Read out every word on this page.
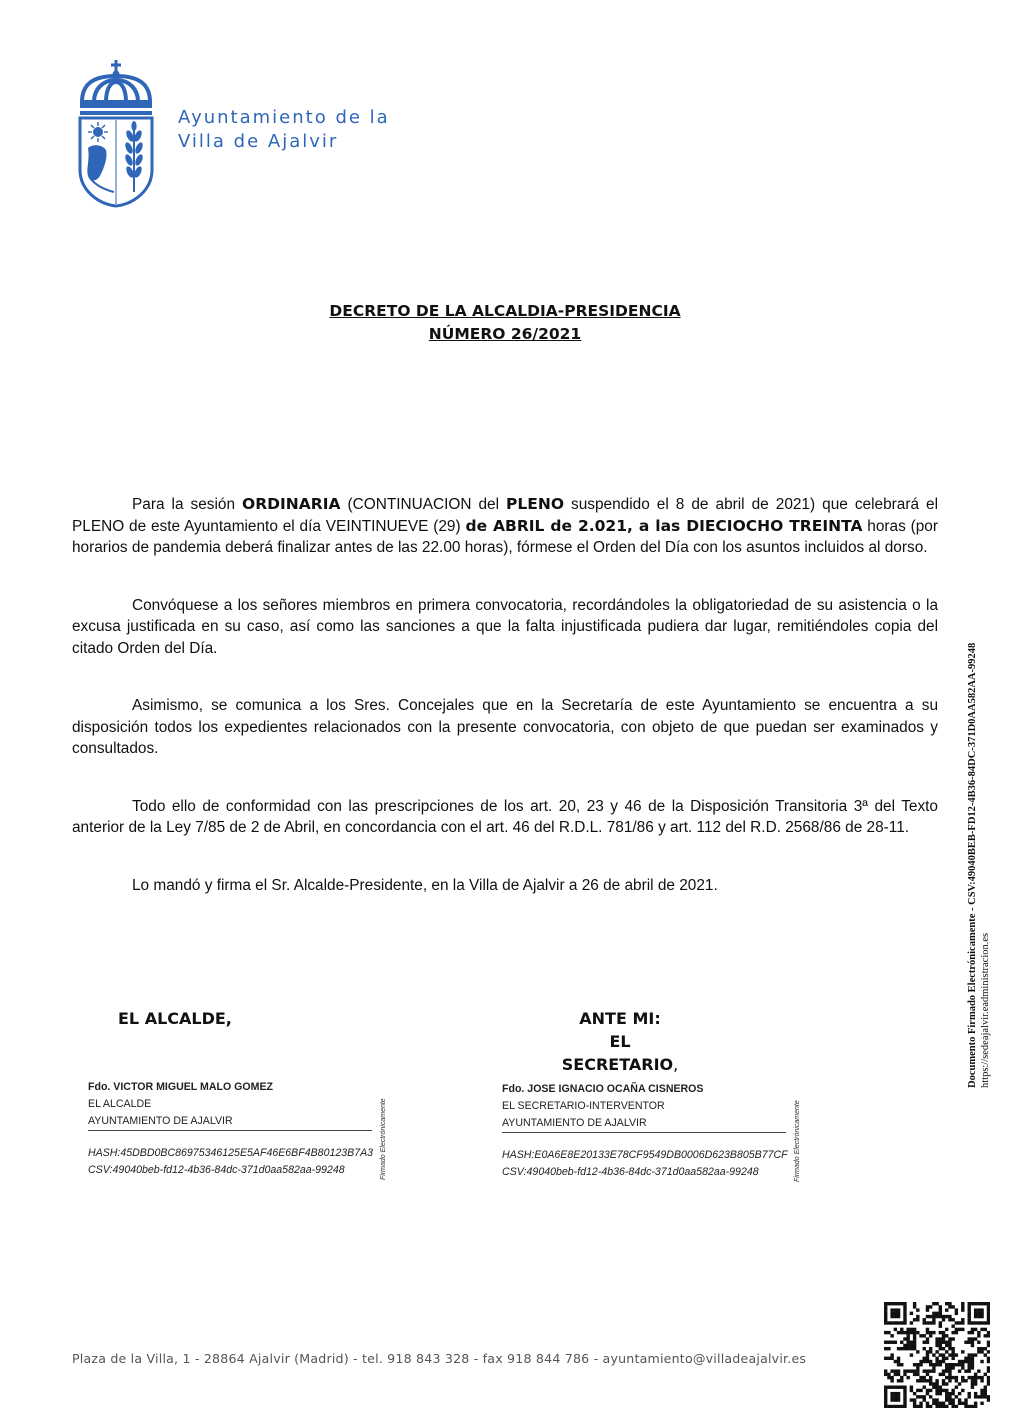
Ayuntamiento de la
Villa de Ajalvir
DECRETO DE LA ALCALDIA-PRESIDENCIA
NÚMERO 26/2021

Para la sesión ORDINARIA (CONTINUACION del PLENO suspendido el 8 de abril de 2021) que celebrará el PLENO de este Ayuntamiento el día VEINTINUEVE (29) de ABRIL de 2.021, a las DIECIOCHO TREINTA horas (por horarios de pandemia deberá finalizar antes de las 22.00 horas), fórmese el Orden del Día con los asuntos incluidos al dorso.

Convóquese a los señores miembros en primera convocatoria, recordándoles la obligatoriedad de su asistencia o la excusa justificada en su caso, así como las sanciones a que la falta injustificada pudiera dar lugar, remitiéndoles copia del citado Orden del Día.

Asimismo, se comunica a los Sres. Concejales que en la Secretaría de este Ayuntamiento se encuentra a su disposición todos los expedientes relacionados con la presente convocatoria, con objeto de que puedan ser examinados y consultados.

Todo ello de conformidad con las prescripciones de los art. 20, 23 y 46 de la Disposición Transitoria 3ª del Texto anterior de la Ley 7/85 de 2 de Abril, en concordancia con el art. 46 del R.D.L. 781/86 y art. 112 del R.D. 2568/86 de 28-11.

Lo mandó y firma el Sr. Alcalde-Presidente, en la Villa de Ajalvir a 26 de abril de 2021.

EL ALCALDE,	ANTE MI:
EL SECRETARIO,
Fdo. VICTOR MIGUEL MALO GOMEZ
EL ALCALDE
AYUNTAMIENTO DE AJALVIR
HASH:45DBD0BC86975346125E5AF46E6BF4B80123B7A3
CSV:49040beb-fd12-4b36-84dc-371d0aa582aa-99248	Firmado Electrónicamente
Fdo. JOSE IGNACIO OCAÑA CISNEROS
EL SECRETARIO-INTERVENTOR
AYUNTAMIENTO DE AJALVIR
HASH:E0A6E8E20133E78CF9549DB0006D623B805B77CF
CSV:49040beb-fd12-4b36-84dc-371d0aa582aa-99248	Firmado Electrónicamente
Documento Firmado Electrónicamente - CSV:49040BEB-FD12-4B36-84DC-371D0AA582AA-99248 https://sedeajalvir.eadministracion.es
Plaza de la Villa, 1 - 28864 Ajalvir (Madrid) - tel. 918 843 328 - fax 918 844 786 - ayuntamiento@villadeajalvir.es
